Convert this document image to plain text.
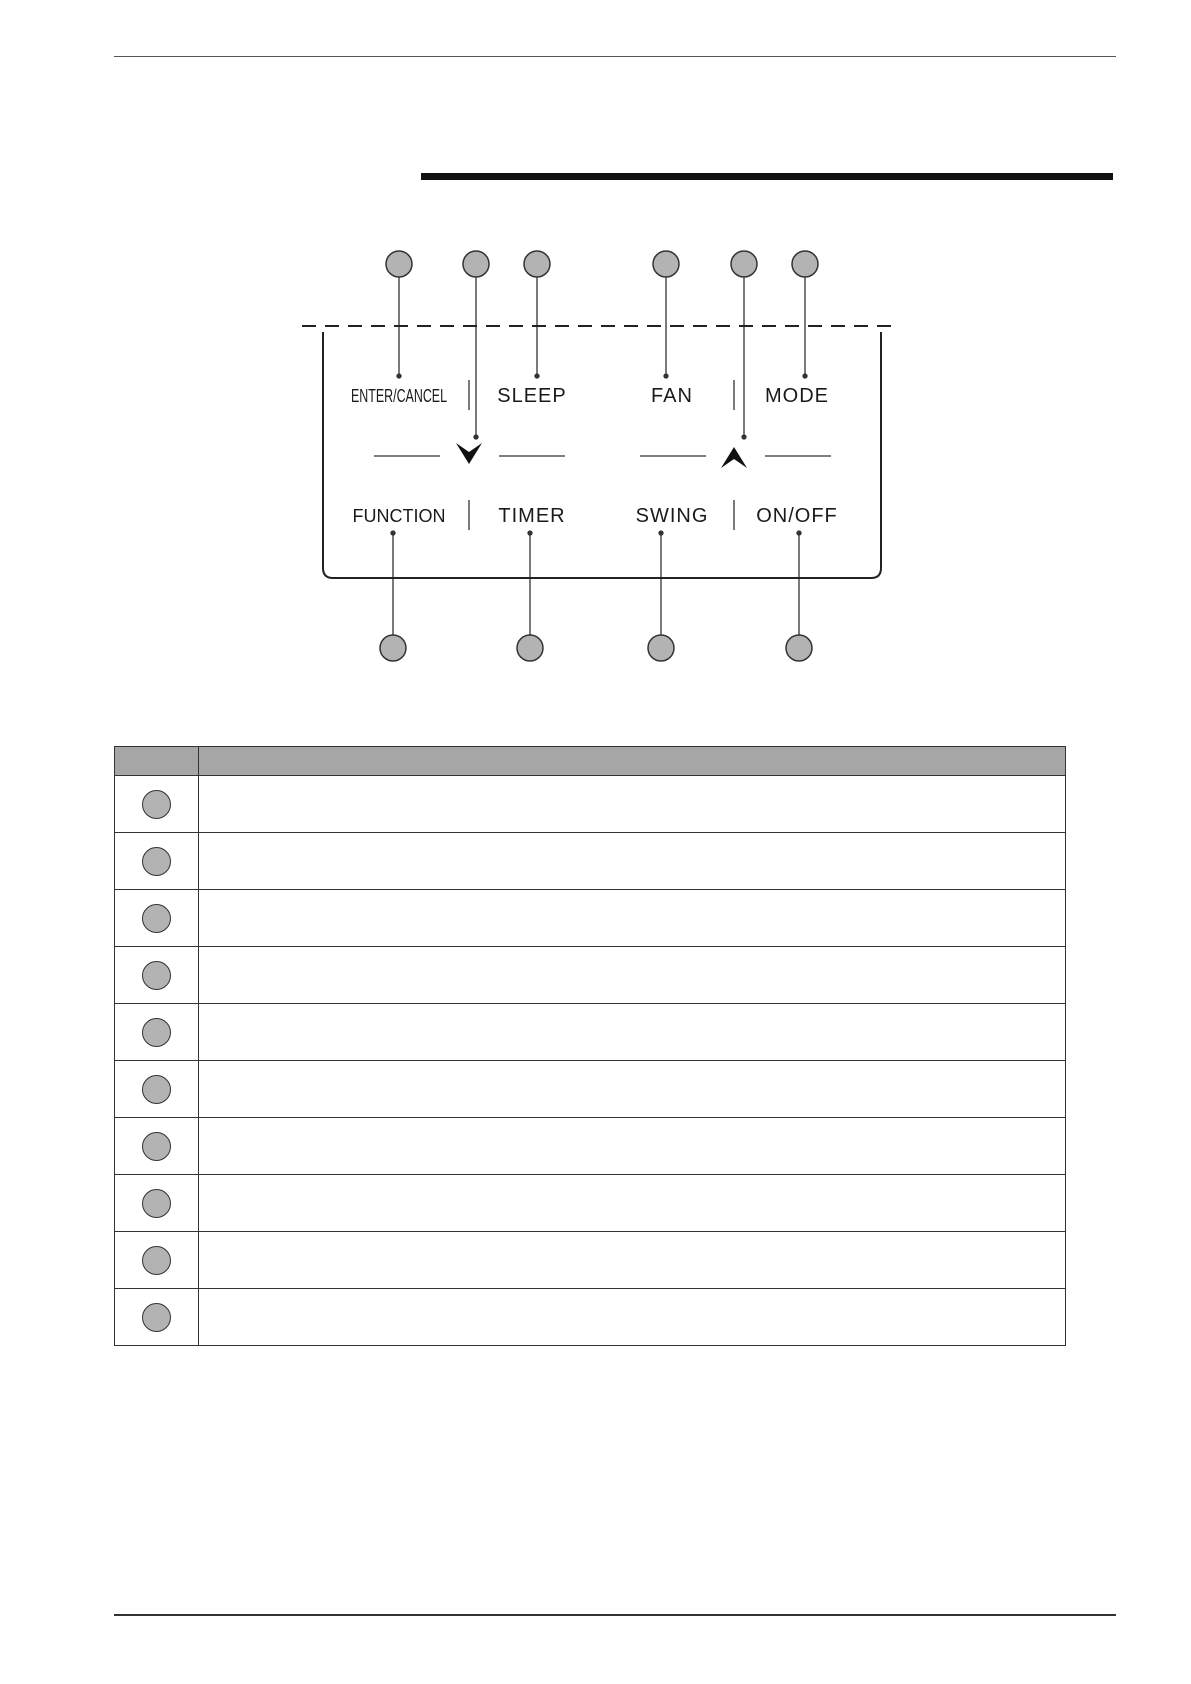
ENTER/CANCEL	SLEEP	FAN	MODE
FUNCTION	TIMER	SWING ON/OFF
